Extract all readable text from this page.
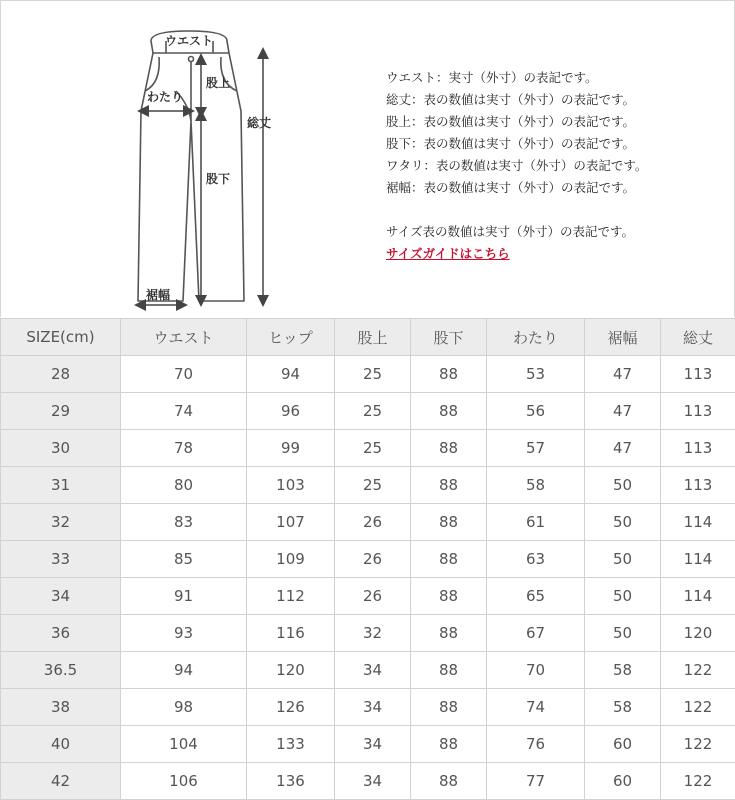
ウエスト
股上
股下
わたり
総丈
裾幅

ウエスト：実寸（外寸）の表記です。

総丈：表の数値は実寸（外寸）の表記です。

股上：表の数値は実寸（外寸）の表記です。

股下：表の数値は実寸（外寸）の表記です。

ワタリ：表の数値は実寸（外寸）の表記です。

裾幅：表の数値は実寸（外寸）の表記です。

サイズ表の数値は実寸（外寸）の表記です。

サイズガイドはこちら

SIZE(cm)	ウエスト	ヒップ	股上	股下	わたり	裾幅	総丈
28	70	94	25	88	53	47	113
29	74	96	25	88	56	47	113
30	78	99	25	88	57	47	113
31	80	103	25	88	58	50	113
32	83	107	26	88	61	50	114
33	85	109	26	88	63	50	114
34	91	112	26	88	65	50	114
36	93	116	32	88	67	50	120
36.5	94	120	34	88	70	58	122
38	98	126	34	88	74	58	122
40	104	133	34	88	76	60	122
42	106	136	34	88	77	60	122
